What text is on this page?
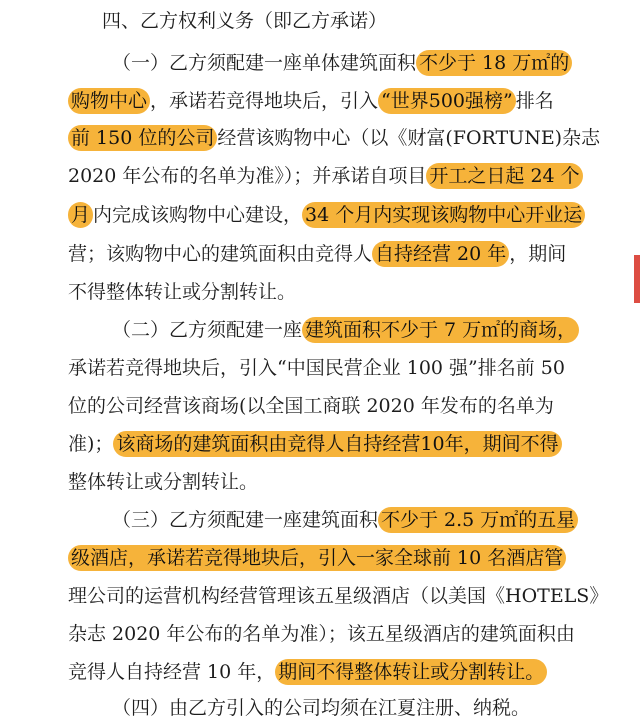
四、乙方权利义务（即乙方承诺）
（一）乙方须配建一座单体建筑面积 不少于 18 万㎡的
购物中心 ，承诺若竞得地块后，引入 “世界500强榜” 排名
前 150 位的公司 经营该购物中心（以《财富(FORTUNE)杂志
2020 年公布的名单为准》）；并承诺自项目 开工之日起 24 个
月 内完成该购物中心建设， 34 个月内实现该购物中心开业运
营；该购物中心的建筑面积由竞得人 自持经营 20 年 ，期间
不得整体转让或分割转让。
（二）乙方须配建一座 建筑面积不少于 7 万㎡的商场，
承诺若竞得地块后，引入“中国民营企业 100 强”排名前 50
位的公司经营该商场(以全国工商联 2020 年发布的名单为
准)； 该商场的建筑面积由竞得人自持经营10年，期间不得
整体转让或分割转让。
（三）乙方须配建一座建筑面积 不少于 2.5 万㎡的五星
级酒店，承诺若竞得地块后，引入一家全球前 10 名酒店管
理公司的运营机构经营管理该五星级酒店（以美国《HOTELS》
杂志 2020 年公布的名单为准）；该五星级酒店的建筑面积由
竞得人自持经营 10 年， 期间不得整体转让或分割转让。
（四）由乙方引入的公司均须在江夏注册、纳税。
